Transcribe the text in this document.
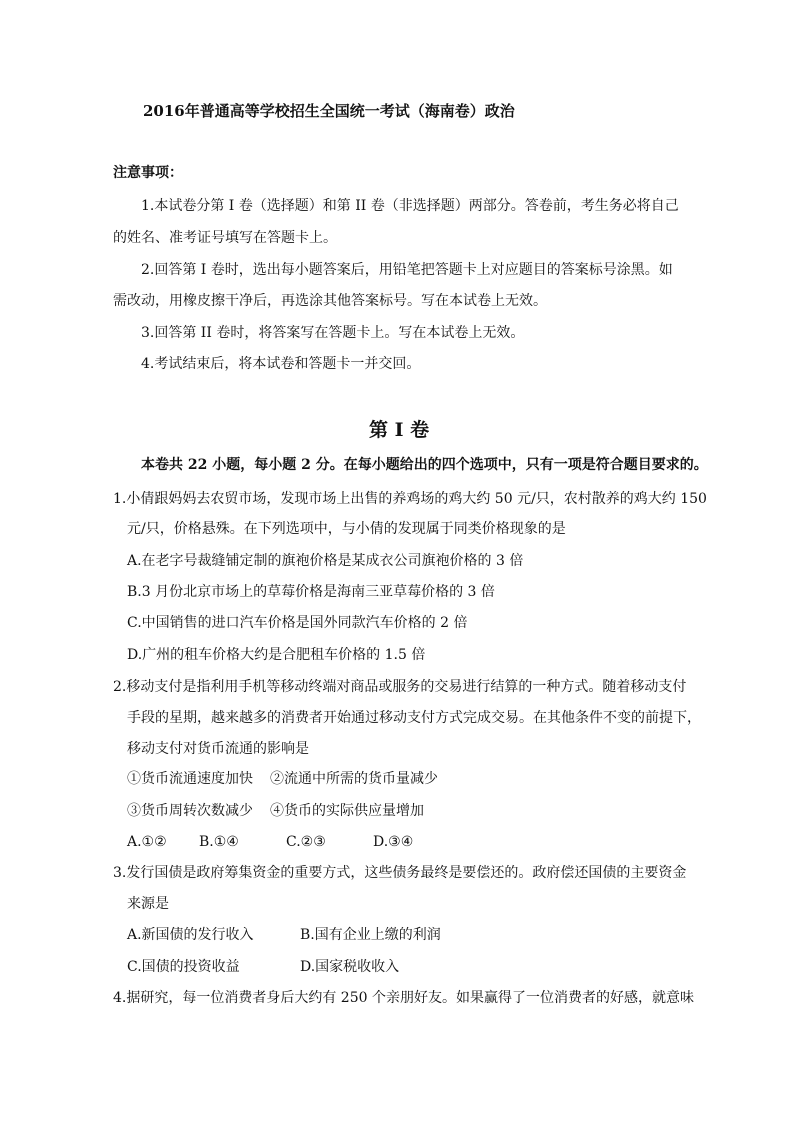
2016年普通高等学校招生全国统一考试（海南卷）政治
注意事项：
1.本试卷分第 I 卷（选择题）和第 II 卷（非选择题）两部分。答卷前，考生务必将自己
的姓名、准考证号填写在答题卡上。
2.回答第 I 卷时，选出每小题答案后，用铅笔把答题卡上对应题目的答案标号涂黑。如
需改动，用橡皮擦干净后，再选涂其他答案标号。写在本试卷上无效。
3.回答第 II 卷时，将答案写在答题卡上。写在本试卷上无效。
4.考试结束后，将本试卷和答题卡一并交回。
第 I 卷
本卷共 22 小题，每小题 2 分。在每小题给出的四个选项中，只有一项是符合题目要求的。
1.小倩跟妈妈去农贸市场，发现市场上出售的养鸡场的鸡大约 50 元/只，农村散养的鸡大约 150
元/只，价格悬殊。在下列选项中，与小倩的发现属于同类价格现象的是
A.在老字号裁缝铺定制的旗袍价格是某成衣公司旗袍价格的 3 倍
B.3 月份北京市场上的草莓价格是海南三亚草莓价格的 3 倍
C.中国销售的进口汽车价格是国外同款汽车价格的 2 倍
D.广州的租车价格大约是合肥租车价格的 1.5 倍
2.移动支付是指利用手机等移动终端对商品或服务的交易进行结算的一种方式。随着移动支付
手段的星期，越来越多的消费者开始通过移动支付方式完成交易。在其他条件不变的前提下，
移动支付对货币流通的影响是
①货币流通速度加快 ②流通中所需的货币量减少
③货币周转次数减少 ④货币的实际供应量增加
A.①② B.①④	C.②③	D.③④
3.发行国债是政府筹集资金的重要方式，这些债务最终是要偿还的。政府偿还国债的主要资金
来源是
A.新国债的发行收入	B.国有企业上缴的利润
C.国债的投资收益	D.国家税收收入
4.据研究，每一位消费者身后大约有 250 个亲朋好友。如果赢得了一位消费者的好感，就意味
